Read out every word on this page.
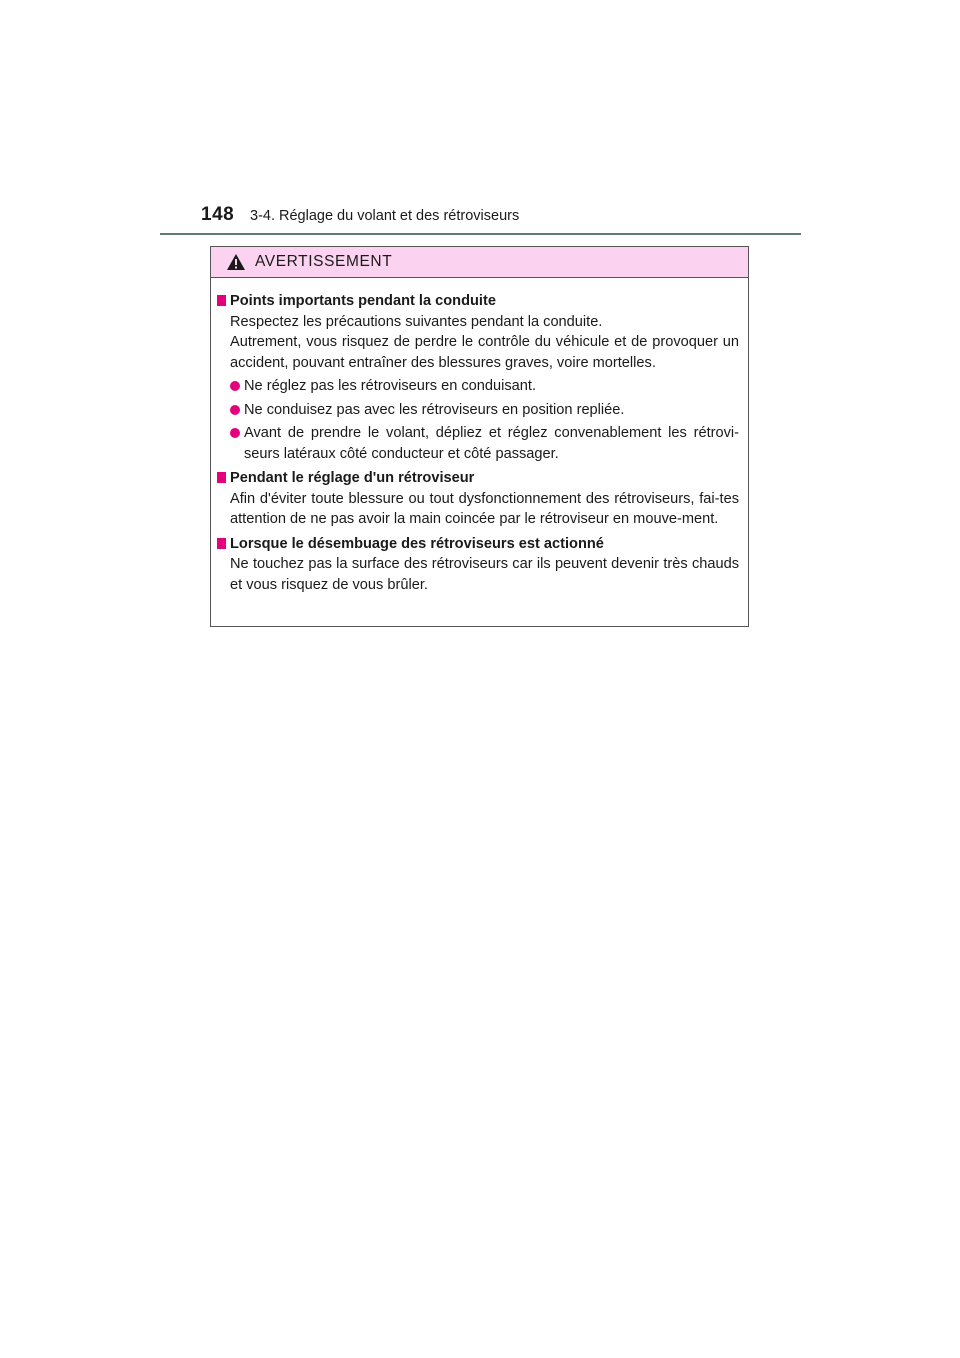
148 3-4. Réglage du volant et des rétroviseurs
AVERTISSEMENT
Points importants pendant la conduite
Respectez les précautions suivantes pendant la conduite.
Autrement, vous risquez de perdre le contrôle du véhicule et de provoquer un accident, pouvant entraîner des blessures graves, voire mortelles.
Ne réglez pas les rétroviseurs en conduisant.
Ne conduisez pas avec les rétroviseurs en position repliée.
Avant de prendre le volant, dépliez et réglez convenablement les rétrovi-seurs latéraux côté conducteur et côté passager.
Pendant le réglage d'un rétroviseur
Afin d'éviter toute blessure ou tout dysfonctionnement des rétroviseurs, fai-tes attention de ne pas avoir la main coincée par le rétroviseur en mouve-ment.
Lorsque le désembuage des rétroviseurs est actionné
Ne touchez pas la surface des rétroviseurs car ils peuvent devenir très chauds et vous risquez de vous brûler.
